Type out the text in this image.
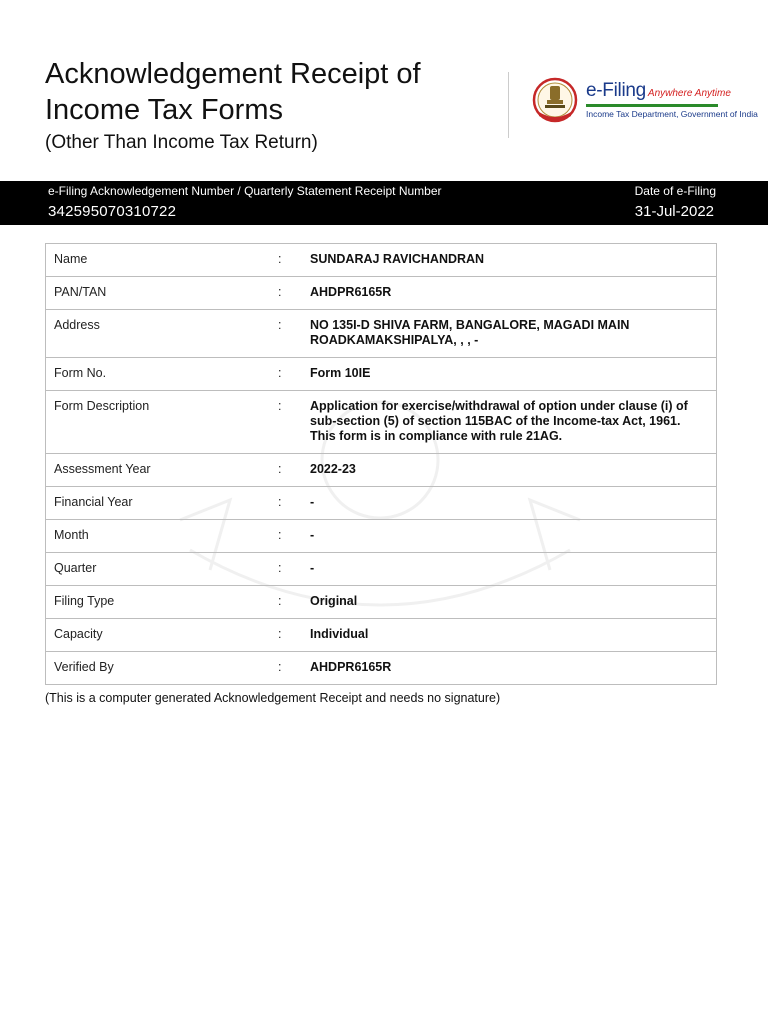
Acknowledgement Receipt of Income Tax Forms
(Other Than Income Tax Return)
e-Filing Anywhere Anytime
Income Tax Department, Government of India
e-Filing Acknowledgement Number / Quarterly Statement Receipt Number
342595070310722
Date of e-Filing
31-Jul-2022
Name	:	SUNDARAJ RAVICHANDRAN
PAN/TAN	:	AHDPR6165R
Address	:	NO 135I-D SHIVA FARM, BANGALORE, MAGADI MAIN ROADKAMAKSHIPALYA, , , -
Form No.	:	Form 10IE
Form Description	:	Application for exercise/withdrawal of option under clause (i) of sub-section (5) of section 115BAC of the Income-tax Act, 1961. This form is in compliance with rule 21AG.
Assessment Year	:	2022-23
Financial Year	:	-
Month	:	-
Quarter	:	-
Filing Type	:	Original
Capacity	:	Individual
Verified By	:	AHDPR6165R
(This is a computer generated Acknowledgement Receipt and needs no signature)
